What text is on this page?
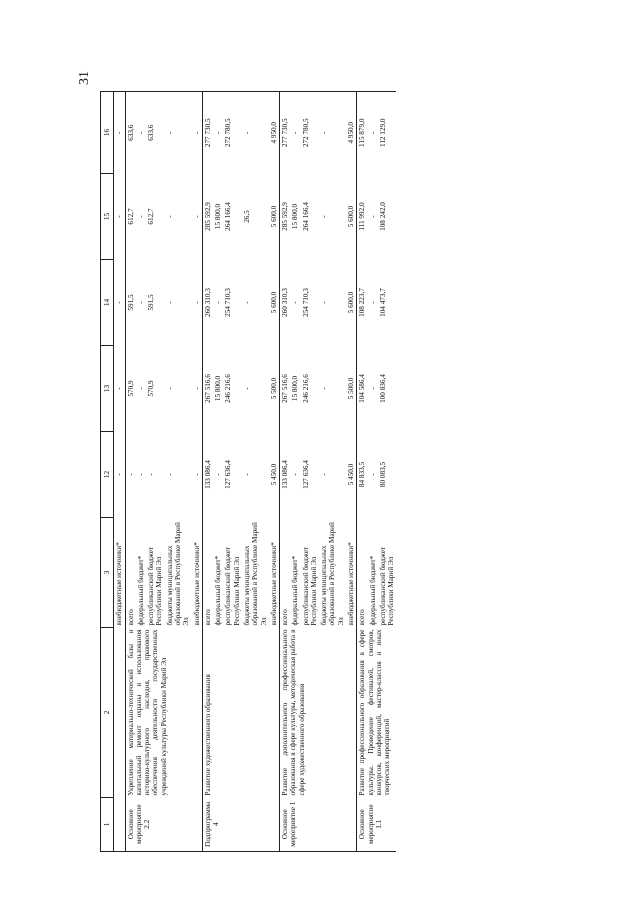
31
1	2	3	12	13	14	15	16
		внебюджетные источники*	-	-	-	-	-
Основное мероприятие 2.2	Укрепление материально-технической базы и капитальный ремонт охраны и использования историко-культурного наследия, правового обеспечения деятельности государственных учреждений культуры Республики Марий Эл	всего	-	570,9	591,5	612,7	633,6
		федеральный бюджет*	-	-	-	-	-
		республиканский бюджет Республики Марий Эл	-	570,9	591,5	612,7	633,6
		бюджеты муниципальных образований в Республике Марий Эл	-	-	-	-	-
		внебюджетные источники*	-	-	-	-	-
Подпрограмма 4	Развитие художественного образования	всего	133 086,4	267 516,6	260 310,3	285 592,9	277 730,5
		федеральный бюджет*	-	15 800,0	-	15 800,0	-
		республиканский бюджет Республики Марий Эл	127 636,4	246 216,6	254 710,3	264 166,4	272 780,5
		бюджеты муниципальных образований в Республике Марий Эл	-	-	-	26,5	-
		внебюджетные источники*	5 450,0	5 500,0	5 600,0	5 600,0	4 950,0
Основное мероприятие 1	Развитие дополнительного профессионального образования в сфере культуры, методическая работа в сфере художественного образования	всего	133 086,4	267 516,6	260 310,3	285 592,9	277 730,5
		федеральный бюджет*	-	15 800,0	-	15 800,0	-
		республиканский бюджет Республики Марий Эл	127 636,4	246 216,6	254 710,3	264 166,4	272 780,5
		бюджеты муниципальных образований в Республике Марий Эл	-	-	-	-	-
		внебюджетные источники*	5 450,0	5 500,0	5 600,0	5 600,0	4 950,0
Основное мероприятие 1.1	Развитие профессионального образования в сфере культуры. Проведение фестивалей, смотров, конкурсов, конференций, мастер-классов и иных творческих мероприятий	всего	84 833,5	104 586,4	108 223,7	111 992,0	115 879,0
		федеральный бюджет*	-	-	-	-	-
		республиканский бюджет Республики Марий Эл	80 083,5	100 836,4	104 473,7	108 242,0	112 129,0
